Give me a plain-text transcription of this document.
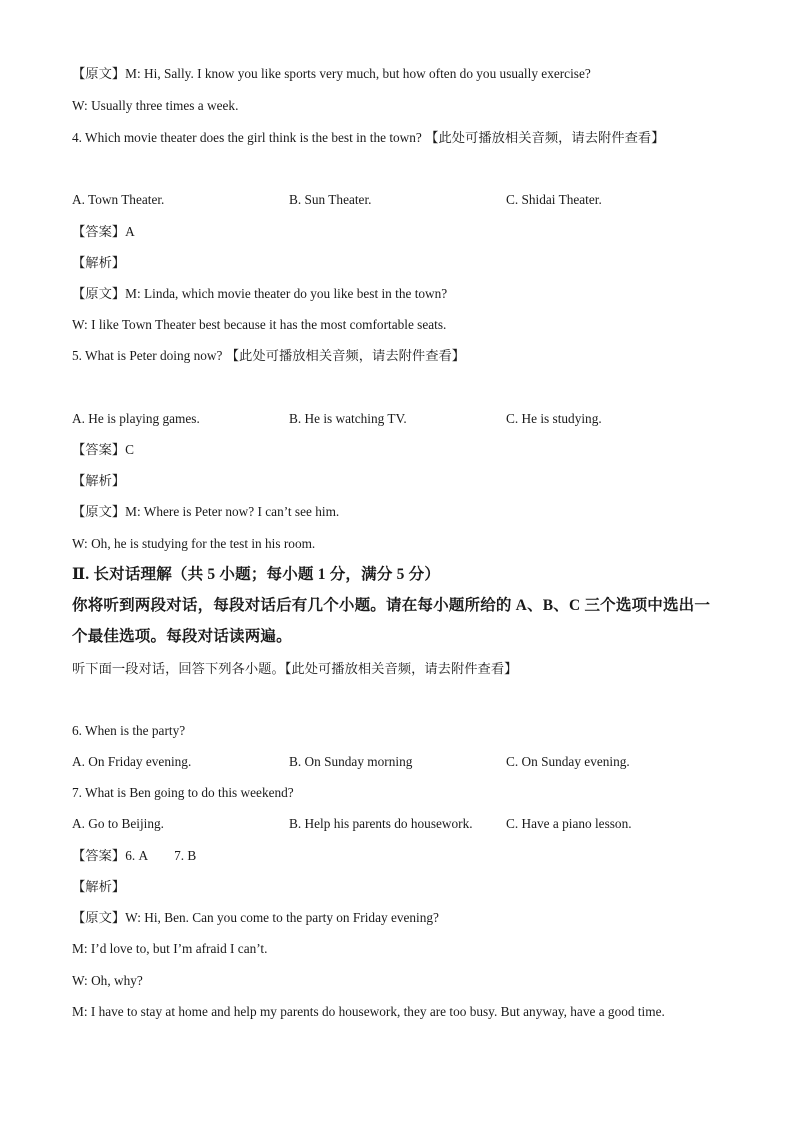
【原文】M: Hi, Sally. I know you like sports very much, but how often do you usually exercise?
W: Usually three times a week.
4. Which movie theater does the girl think is the best in the town? 【此处可播放相关音频，请去附件查看】
A. Town Theater.	B. Sun Theater.	C. Shidai Theater.
【答案】A
【解析】
【原文】M: Linda, which movie theater do you like best in the town?
W: I like Town Theater best because it has the most comfortable seats.
5. What is Peter doing now? 【此处可播放相关音频，请去附件查看】
A. He is playing games.	B. He is watching TV.	C. He is studying.
【答案】C
【解析】
【原文】M: Where is Peter now? I can’t see him.
W: Oh, he is studying for the test in his room.
Ⅱ. 长对话理解（共 5 小题；每小题 1 分，满分 5 分）
你将听到两段对话，每段对话后有几个小题。请在每小题所给的 A、B、C 三个选项中选出一
个最佳选项。每段对话读两遍。
听下面一段对话，回答下列各小题。【此处可播放相关音频，请去附件查看】
6. When is the party?
A. On Friday evening.	B. On Sunday morning	C. On Sunday evening.
7. What is Ben going to do this weekend?
A. Go to Beijing.	B. Help his parents do housework.	C. Have a piano lesson.
【答案】6. A 7. B
【解析】
【原文】W: Hi, Ben. Can you come to the party on Friday evening?
M: I’d love to, but I’m afraid I can’t.
W: Oh, why?
M: I have to stay at home and help my parents do housework, they are too busy. But anyway, have a good time.
